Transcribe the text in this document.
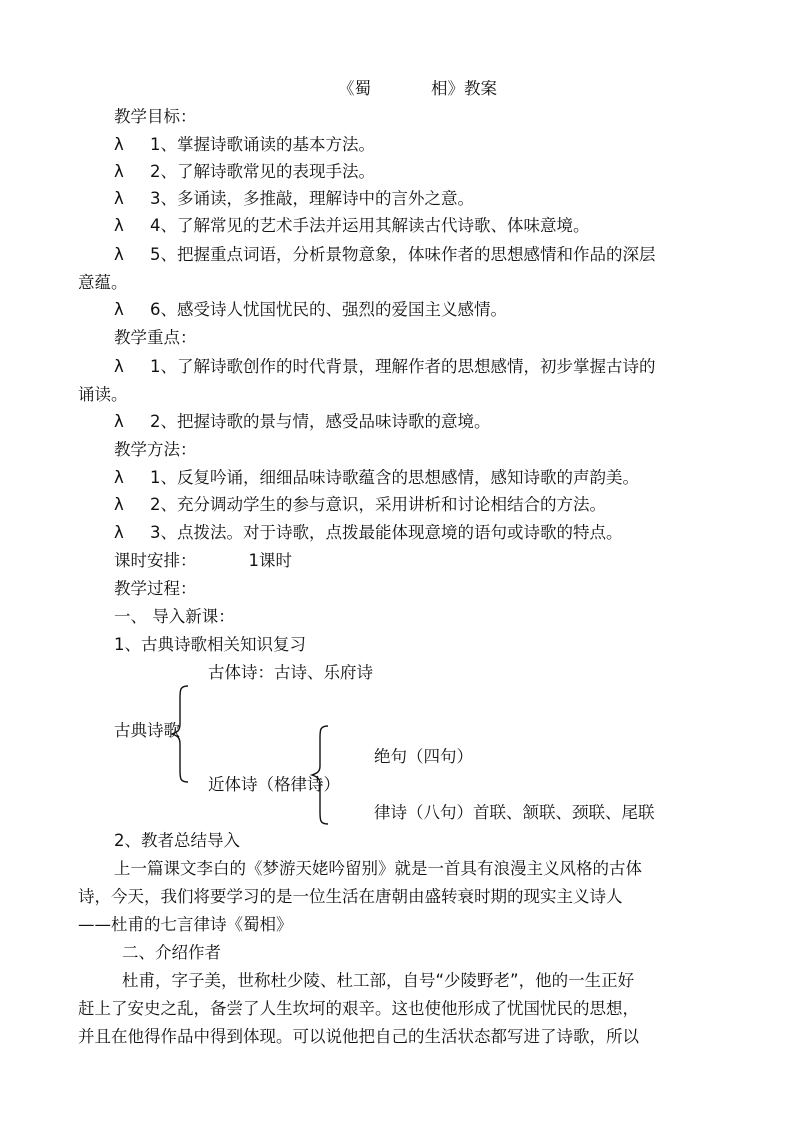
《蜀	相》教案
教学目标：
λ 1、掌握诗歌诵读的基本方法。
λ 2、了解诗歌常见的表现手法。
λ 3、多诵读，多推敲，理解诗中的言外之意。
λ 4、了解常见的艺术手法并运用其解读古代诗歌、体味意境。
λ 5、把握重点词语，分析景物意象，体味作者的思想感情和作品的深层
意蕴。
λ 6、感受诗人忧国忧民的、强烈的爱国主义感情。
教学重点：
λ 1、了解诗歌创作的时代背景，理解作者的思想感情，初步掌握古诗的
诵读。
λ 2、把握诗歌的景与情，感受品味诗歌的意境。
教学方法：
λ 1、反复吟诵，细细品味诗歌蕴含的思想感情，感知诗歌的声韵美。
λ 2、充分调动学生的参与意识，采用讲析和讨论相结合的方法。
λ 3、点拨法。对于诗歌，点拨最能体现意境的语句或诗歌的特点。
课时安排：	1课时
教学过程：
一、 导入新课：
1、古典诗歌相关知识复习
古体诗：古诗、乐府诗
古典诗歌
绝句（四句）
近体诗（格律诗）
律诗（八句）首联、颔联、颈联、尾联
2、教者总结导入
上一篇课文李白的《梦游天姥吟留别》就是一首具有浪漫主义风格的古体
诗，今天，我们将要学习的是一位生活在唐朝由盛转衰时期的现实主义诗人
——杜甫的七言律诗《蜀相》
二、介绍作者
杜甫，字子美，世称杜少陵、杜工部，自号“少陵野老”，他的一生正好
赶上了安史之乱，备尝了人生坎坷的艰辛。这也使他形成了忧国忧民的思想，
并且在他得作品中得到体现。可以说他把自己的生活状态都写进了诗歌，所以
